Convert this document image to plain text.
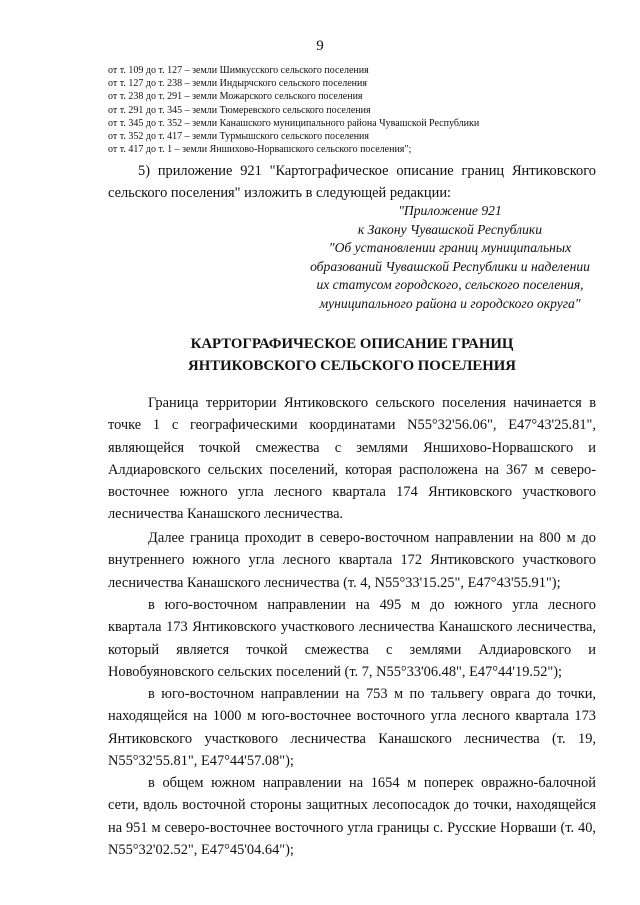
9
от т. 109 до т. 127 – земли Шимкусского сельского поселения
от т. 127 до т. 238 – земли Индырчского сельского поселения
от т. 238 до т. 291 – земли Можарского сельского поселения
от т. 291 до т. 345 – земли Тюмеревского сельского поселения
от т. 345 до т. 352 – земли Канашского муниципального района Чувашской Республики
от т. 352 до т. 417 – земли Турмышского сельского поселения
от т. 417 до т. 1 – земли Яншихово-Норвашского сельского поселения";

5) приложение 921 "Картографическое описание границ Янтиковского сельского поселения" изложить в следующей редакции:

"Приложение 921
к Закону Чувашской Республики
"Об установлении границ муниципальных
образований Чувашской Республики и наделении
их статусом городского, сельского поселения,
муниципального района и городского округа"
КАРТОГРАФИЧЕСКОЕ ОПИСАНИЕ ГРАНИЦ
ЯНТИКОВСКОГО СЕЛЬСКОГО ПОСЕЛЕНИЯ

Граница территории Янтиковского сельского поселения начинается в точке 1 с географическими координатами N55°32'56.06", E47°43'25.81", являющейся точкой смежества с землями Яншихово-Норвашского и Алдиаровского сельских поселений, которая расположена на 367 м северо-восточнее южного угла лесного квартала 174 Янтиковского участкового лесничества Канашского лесничества.

Далее граница проходит в северо-восточном направлении на 800 м до внутреннего южного угла лесного квартала 172 Янтиковского участкового лесничества Канашского лесничества (т. 4, N55°33'15.25", E47°43'55.91");

в юго-восточном направлении на 495 м до южного угла лесного квартала 173 Янтиковского участкового лесничества Канашского лесничества, который является точкой смежества с землями Алдиаровского и Новобуяновского сельских поселений (т. 7, N55°33'06.48", E47°44'19.52");

в юго-восточном направлении на 753 м по тальвегу оврага до точки, находящейся на 1000 м юго-восточнее восточного угла лесного квартала 173 Янтиковского участкового лесничества Канашского лесничества (т. 19, N55°32'55.81", E47°44'57.08");

в общем южном направлении на 1654 м поперек овражно-балочной сети, вдоль восточной стороны защитных лесопосадок до точки, находящейся на 951 м северо-восточнее восточного угла границы с. Русские Норваши (т. 40, N55°32'02.52", E47°45'04.64");
